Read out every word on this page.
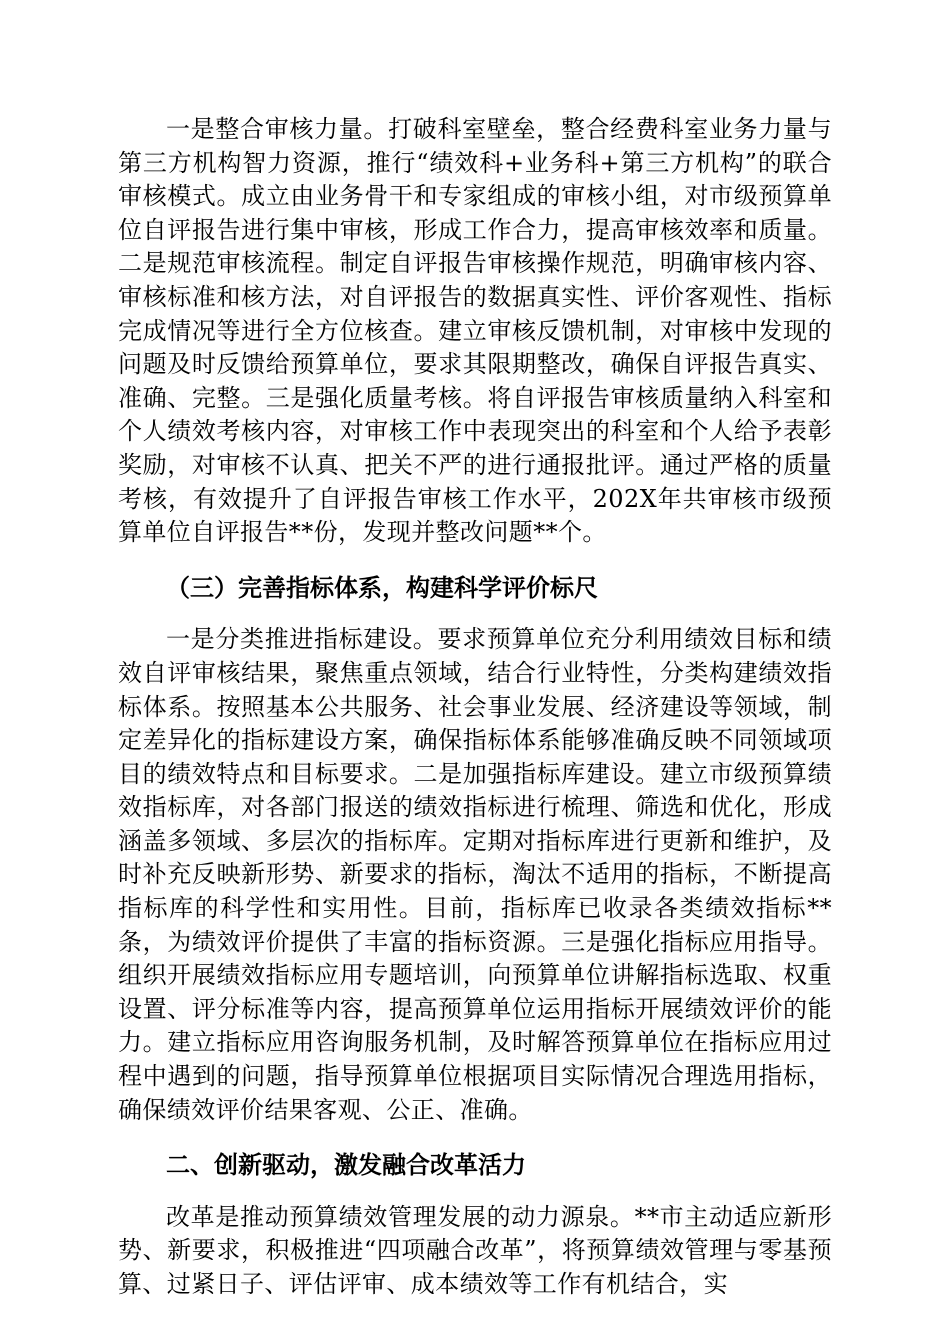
一是整合审核力量。打破科室壁垒，整合经费科室业务力量与第三方机构智力资源，推行“绩效科+业务科+第三方机构”的联合审核模式。成立由业务骨干和专家组成的审核小组，对市级预算单位自评报告进行集中审核，形成工作合力，提高审核效率和质量。二是规范审核流程。制定自评报告审核操作规范，明确审核内容、审核标准和核方法，对自评报告的数据真实性、评价客观性、指标完成情况等进行全方位核查。建立审核反馈机制，对审核中发现的问题及时反馈给预算单位，要求其限期整改，确保自评报告真实、准确、完整。三是强化质量考核。将自评报告审核质量纳入科室和个人绩效考核内容，对审核工作中表现突出的科室和个人给予表彰奖励，对审核不认真、把关不严的进行通报批评。通过严格的质量考核，有效提升了自评报告审核工作水平，202X年共审核市级预算单位自评报告**份，发现并整改问题**个。

（三）完善指标体系，构建科学评价标尺

一是分类推进指标建设。要求预算单位充分利用绩效目标和绩效自评审核结果，聚焦重点领域，结合行业特性，分类构建绩效指标体系。按照基本公共服务、社会事业发展、经济建设等领域，制定差异化的指标建设方案，确保指标体系能够准确反映不同领域项目的绩效特点和目标要求。二是加强指标库建设。建立市级预算绩效指标库，对各部门报送的绩效指标进行梳理、筛选和优化，形成涵盖多领域、多层次的指标库。定期对指标库进行更新和维护，及时补充反映新形势、新要求的指标，淘汰不适用的指标，不断提高指标库的科学性和实用性。目前，指标库已收录各类绩效指标**条，为绩效评价提供了丰富的指标资源。三是强化指标应用指导。组织开展绩效指标应用专题培训，向预算单位讲解指标选取、权重设置、评分标准等内容，提高预算单位运用指标开展绩效评价的能力。建立指标应用咨询服务机制，及时解答预算单位在指标应用过程中遇到的问题，指导预算单位根据项目实际情况合理选用指标，确保绩效评价结果客观、公正、准确。

二、创新驱动，激发融合改革活力

改革是推动预算绩效管理发展的动力源泉。**市主动适应新形势、新要求，积极推进“四项融合改革”，将预算绩效管理与零基预算、过紧日子、评估评审、成本绩效等工作有机结合，实
